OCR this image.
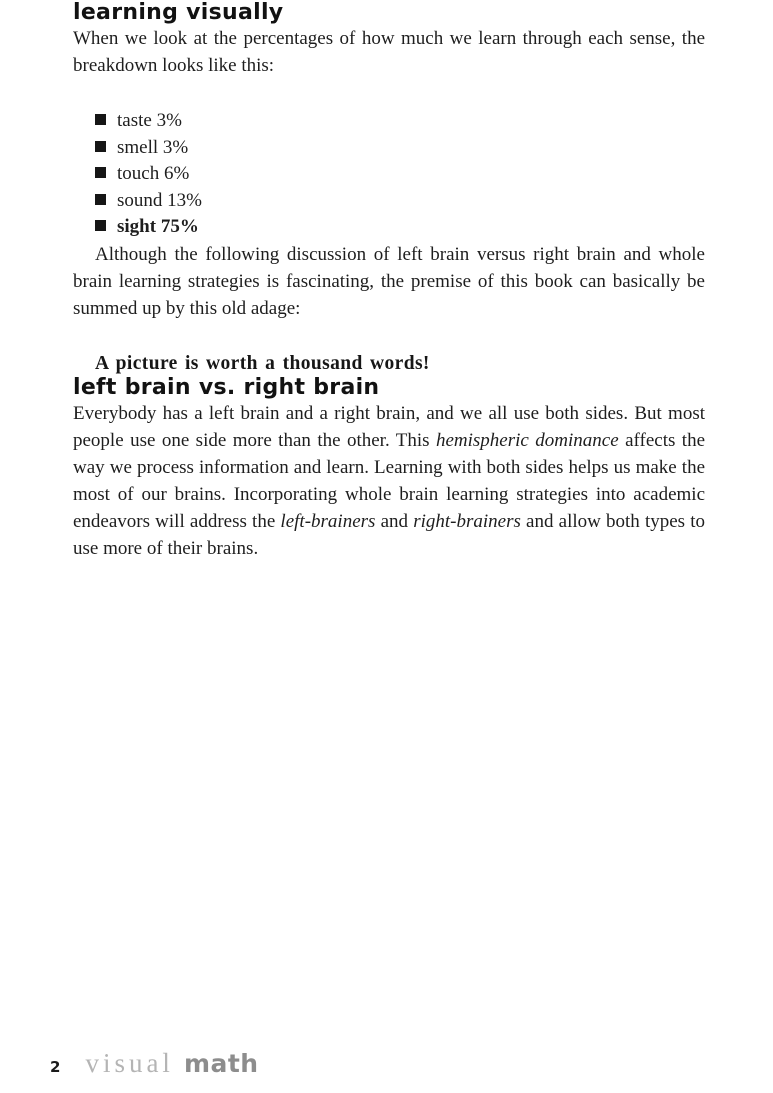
learning visually

When we look at the percentages of how much we learn through each sense, the breakdown looks like this:

taste 3%
smell 3%
touch 6%
sound 13%
sight 75%

Although the following discussion of left brain versus right brain and whole brain learning strategies is fascinating, the premise of this book can basically be summed up by this old adage:

A picture is worth a thousand words!

left brain vs. right brain

Everybody has a left brain and a right brain, and we all use both sides. But most people use one side more than the other. This hemispheric dominance affects the way we process information and learn. Learning with both sides helps us make the most of our brains. Incorporating whole brain learning strategies into academic endeavors will address the left-brainers and right-brainers and allow both types to use more of their brains.

2 visual math
